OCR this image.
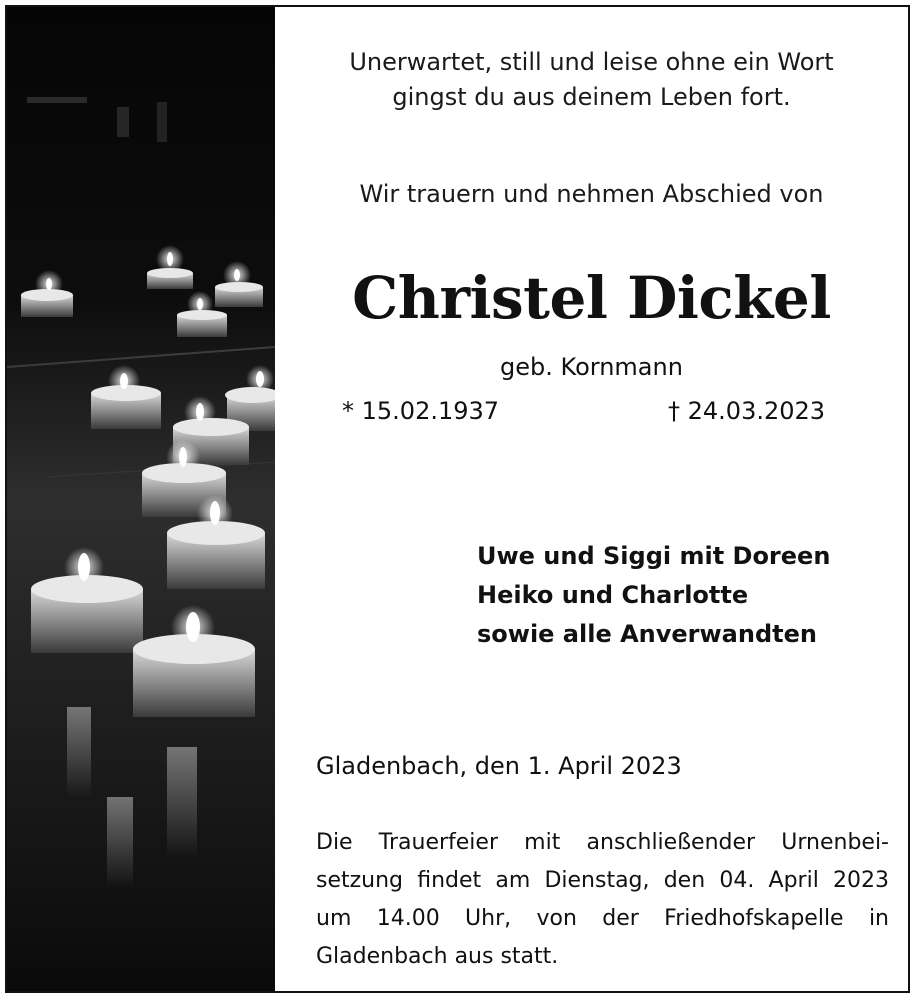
Unerwartet, still und leise ohne ein Wort
gingst du aus deinem Leben fort.
Wir trauern und nehmen Abschied von
Christel Dickel
geb. Kornmann
* 15.02.1937	† 24.03.2023
Uwe und Siggi mit Doreen
Heiko und Charlotte
sowie alle Anverwandten
Gladenbach, den 1. April 2023
Die Trauerfeier mit anschließender Urnenbei-
setzung findet am Dienstag, den 04. April 2023
um 14.00 Uhr, von der Friedhofskapelle in
Gladenbach aus statt.
